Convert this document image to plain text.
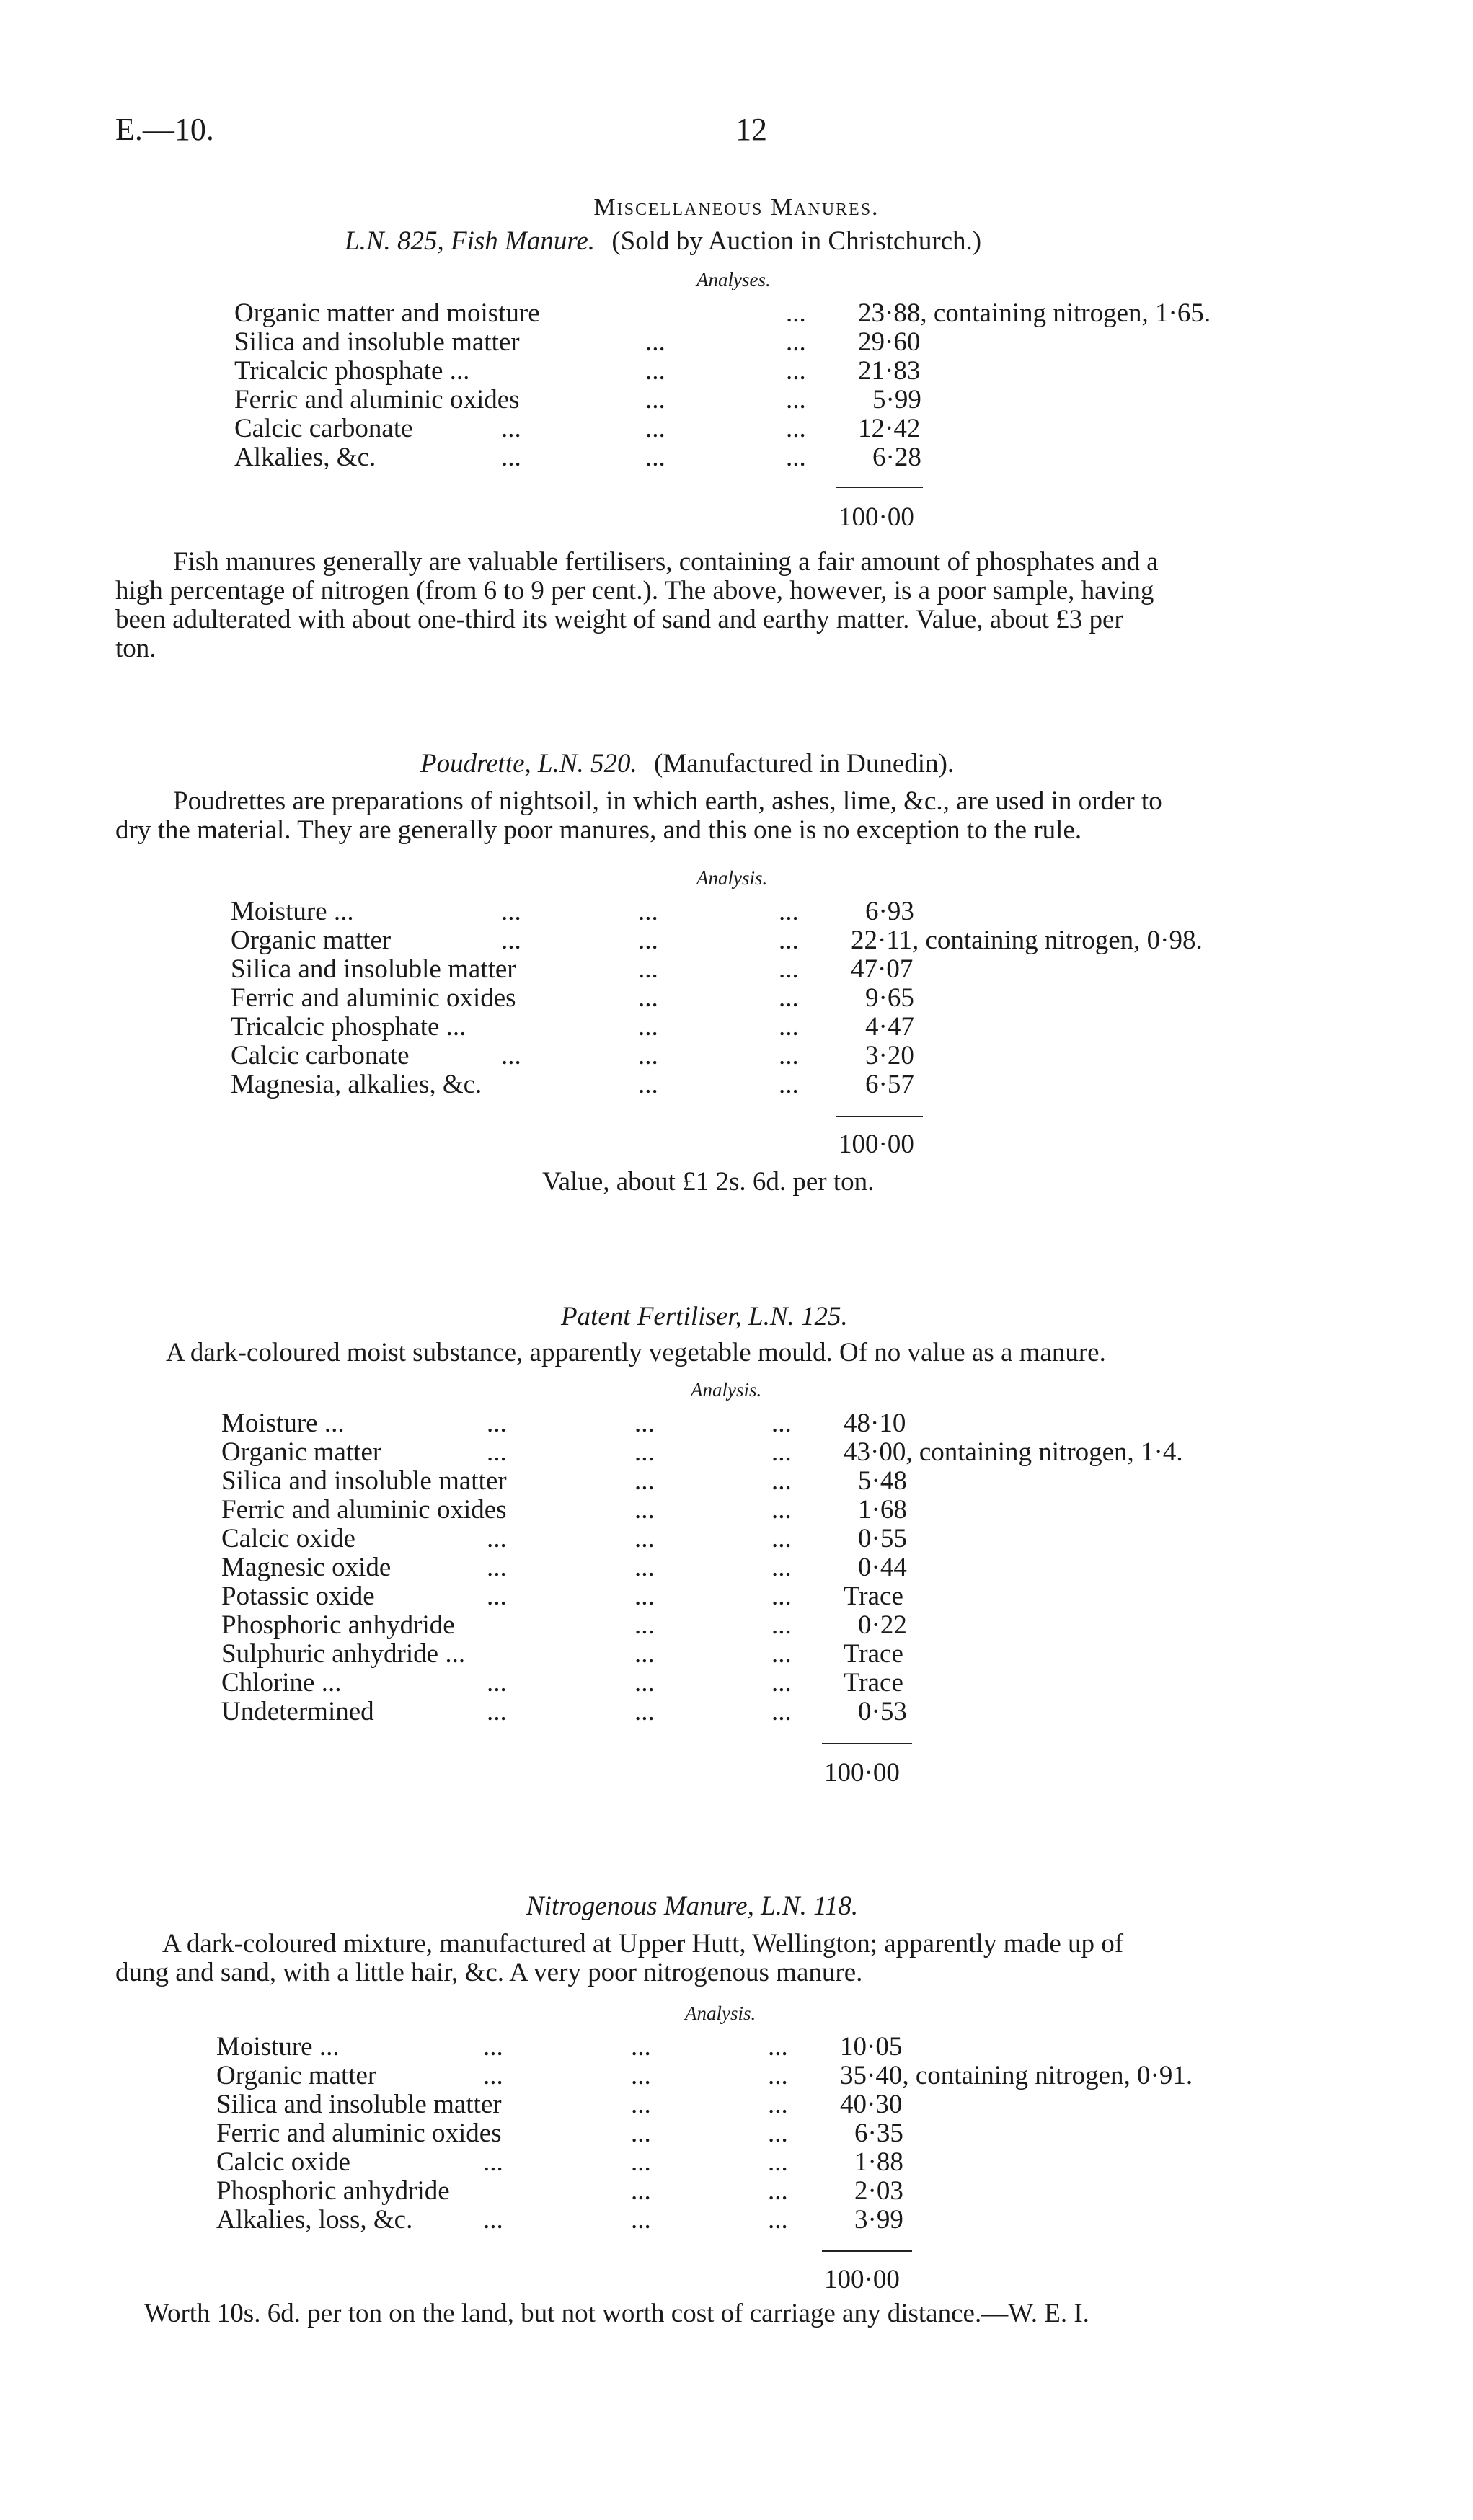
E.—10.	12
Miscellaneous Manures.
L.N. 825, Fish Manure. (Sold by Auction in Christchurch.)
Analyses.
Organic matter and moisture	... 23·88, containing nitrogen, 1·65.
Silica and insoluble matter	...	... 29·60
Tricalcic phosphate ...	...	... 21·83
Ferric and aluminic oxides	...	... 5·99
Calcic carbonate	...	...	... 12·42
Alkalies, &c.	...	...	... 6·28
100·00
Fish manures generally are valuable fertilisers, containing a fair amount of phosphates and a
high percentage of nitrogen (from 6 to 9 per cent.). The above, however, is a poor sample, having
been adulterated with about one-third its weight of sand and earthy matter. Value, about £3 per
ton.
Poudrette, L.N. 520. (Manufactured in Dunedin).
Poudrettes are preparations of nightsoil, in which earth, ashes, lime, &c., are used in order to
dry the material. They are generally poor manures, and this one is no exception to the rule.
Analysis.
Moisture ...	...	...	... 6·93
Organic matter	...	...	... 22·11, containing nitrogen, 0·98.
Silica and insoluble matter	...	... 47·07
Ferric and aluminic oxides	...	... 9·65
Tricalcic phosphate ...	...	... 4·47
Calcic carbonate	...	...	... 3·20
Magnesia, alkalies, &c.	...	... 6·57
100·00
Value, about £1 2s. 6d. per ton.
Patent Fertiliser, L.N. 125.
A dark-coloured moist substance, apparently vegetable mould. Of no value as a manure.
Analysis.
Moisture ...	...	...	... 48·10
Organic matter	...	...	... 43·00, containing nitrogen, 1·4.
Silica and insoluble matter	...	... 5·48
Ferric and aluminic oxides	...	... 1·68
Calcic oxide	...	...	... 0·55
Magnesic oxide	...	...	... 0·44
Potassic oxide	...	...	... Trace
Phosphoric anhydride	...	... 0·22
Sulphuric anhydride ...	...	... Trace
Chlorine ...	...	...	... Trace
Undetermined	...	...	... 0·53
100·00
Nitrogenous Manure, L.N. 118.
A dark-coloured mixture, manufactured at Upper Hutt, Wellington; apparently made up of
dung and sand, with a little hair, &c. A very poor nitrogenous manure.
Analysis.
Moisture ...	...	...	... 10·05
Organic matter	...	...	... 35·40, containing nitrogen, 0·91.
Silica and insoluble matter	...	... 40·30
Ferric and aluminic oxides	...	... 6·35
Calcic oxide	...	...	... 1·88
Phosphoric anhydride	...	... 2·03
Alkalies, loss, &c.	...	...	... 3·99
100·00
Worth 10s. 6d. per ton on the land, but not worth cost of carriage any distance.—W. E. I.
